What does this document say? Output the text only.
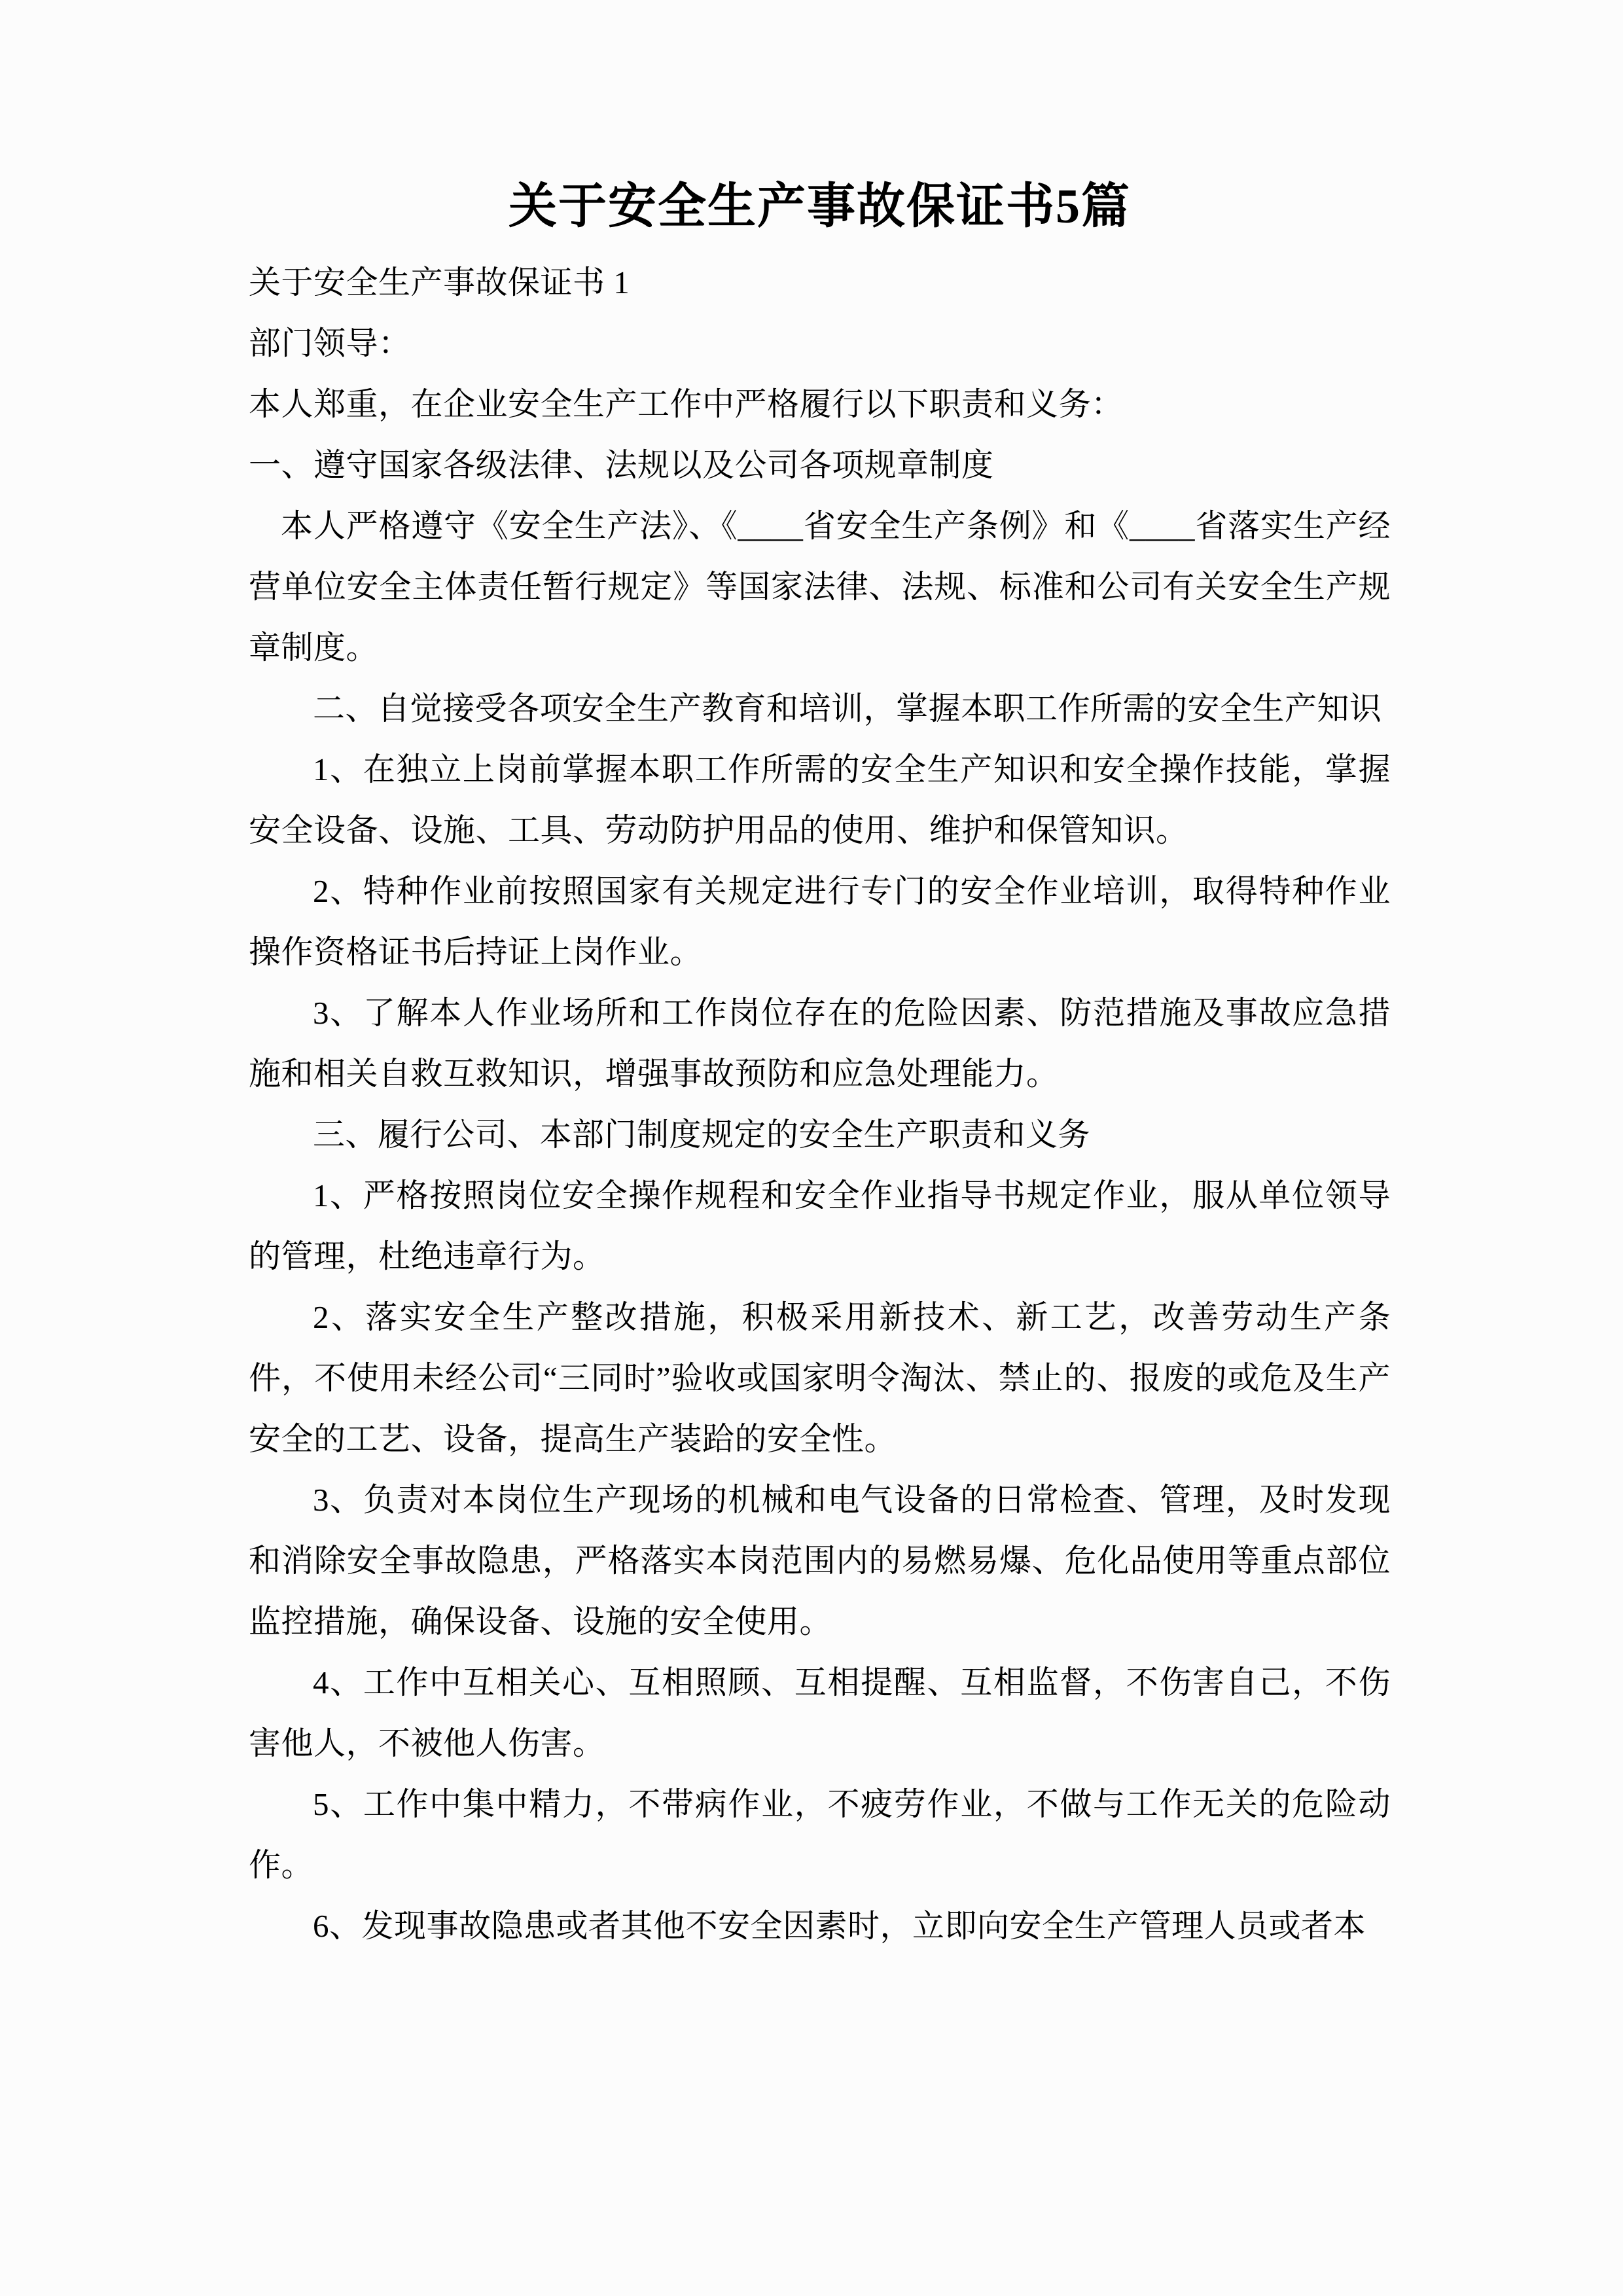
关于安全生产事故保证书5篇

关于安全生产事故保证书 1

部门领导：

本人郑重，在企业安全生产工作中严格履行以下职责和义务：

一、遵守国家各级法律、法规以及公司各项规章制度

本人严格遵守《安全生产法》、《____省安全生产条例》和《____省落实生产经营单位安全主体责任暂行规定》等国家法律、法规、标准和公司有关安全生产规章制度。

二、自觉接受各项安全生产教育和培训，掌握本职工作所需的安全生产知识

1、在独立上岗前掌握本职工作所需的安全生产知识和安全操作技能，掌握安全设备、设施、工具、劳动防护用品的使用、维护和保管知识。

2、特种作业前按照国家有关规定进行专门的安全作业培训，取得特种作业操作资格证书后持证上岗作业。

3、了解本人作业场所和工作岗位存在的危险因素、防范措施及事故应急措施和相关自救互救知识，增强事故预防和应急处理能力。

三、履行公司、本部门制度规定的安全生产职责和义务

1、严格按照岗位安全操作规程和安全作业指导书规定作业，服从单位领导的管理，杜绝违章行为。

2、落实安全生产整改措施，积极采用新技术、新工艺，改善劳动生产条件，不使用未经公司“三同时”验收或国家明令淘汰、禁止的、报废的或危及生产安全的工艺、设备，提高生产装跲的安全性。

3、负责对本岗位生产现场的机械和电气设备的日常检查、管理，及时发现和消除安全事故隐患，严格落实本岗范围内的易燃易爆、危化品使用等重点部位监控措施，确保设备、设施的安全使用。

4、工作中互相关心、互相照顾、互相提醒、互相监督，不伤害自己，不伤害他人，不被他人伤害。

5、工作中集中精力，不带病作业，不疲劳作业，不做与工作无关的危险动作。

6、发现事故隐患或者其他不安全因素时，立即向安全生产管理人员或者本
